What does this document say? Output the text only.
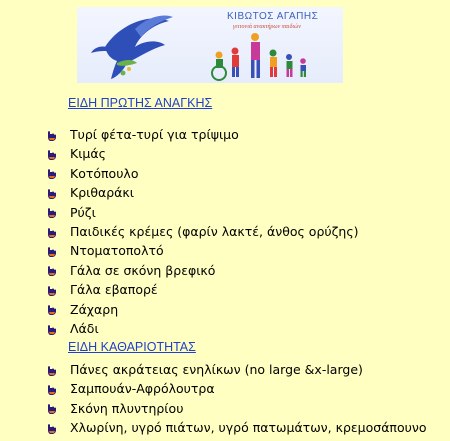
ΚΙΒΩΤΟΣ ΑΓΑΠΗΣ
γειτονιά ανακτήρων παιδιών
ΕΙΔΗ ΠΡΩΤΗΣ ΑΝΑΓΚΗΣ
Τυρί φέτα-τυρί για τρίψιμο
Κιμάς
Κοτόπουλο
Κριθαράκι
Ρύζι
Παιδικές κρέμες (φαρίν λακτέ, άνθος ορύζης)
Ντοματοπολτό
Γάλα σε σκόνη βρεφικό
Γάλα εβαπορέ
Ζάχαρη
Λάδι
ΕΙΔΗ ΚΑΘΑΡΙΟΤΗΤΑΣ
Πάνες ακράτειας ενηλίκων (no large &x-large)
Σαμπουάν-Αφρόλουτρα
Σκόνη πλυντηρίου
Χλωρίνη, υγρό πιάτων, υγρό πατωμάτων, κρεμοσάπουνο
